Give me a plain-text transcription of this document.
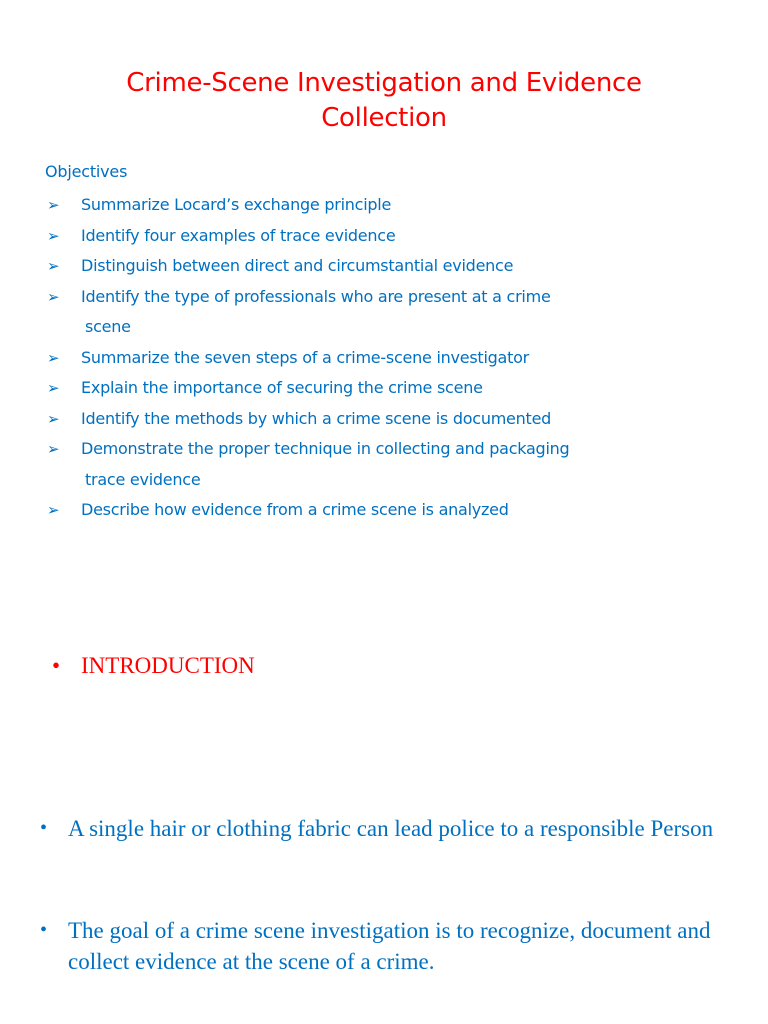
Crime-Scene Investigation and Evidence
Collection
Objectives
➢ Summarize Locard’s exchange principle
➢ Identify four examples of trace evidence
➢ Distinguish between direct and circumstantial evidence
➢ Identify the type of professionals who are present at a crime
scene
➢ Summarize the seven steps of a crime-scene investigator
➢ Explain the importance of securing the crime scene
➢ Identify the methods by which a crime scene is documented
➢ Demonstrate the proper technique in collecting and packaging
trace evidence
➢ Describe how evidence from a crime scene is analyzed
• INTRODUCTION
• A single hair or clothing fabric can lead police to a responsible Person
• The goal of a crime scene investigation is to recognize, document and collect evidence at the scene of a crime.
